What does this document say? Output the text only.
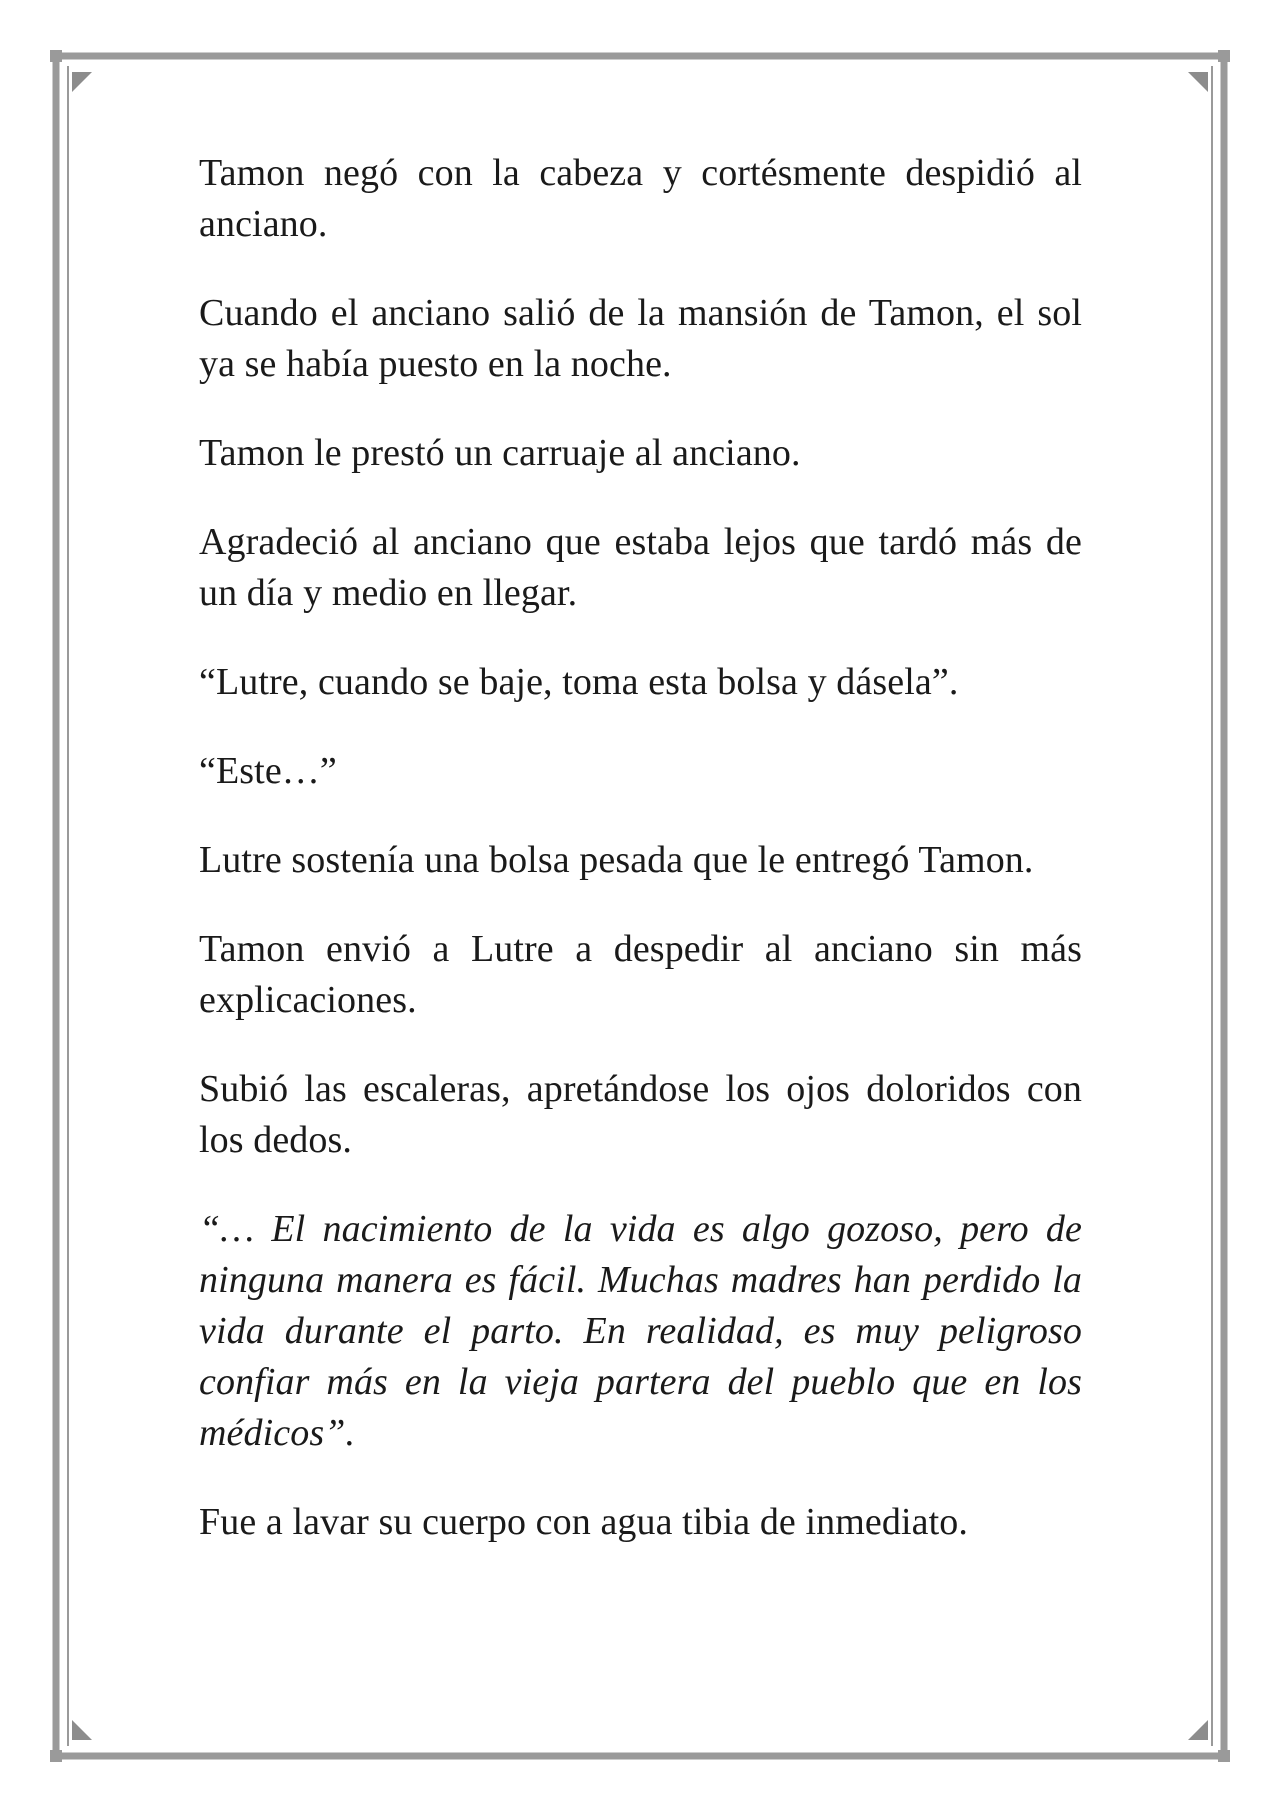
Tamon negó con la cabeza y cortésmente despidió al anciano.

Cuando el anciano salió de la mansión de Tamon, el sol ya se había puesto en la noche.

Tamon le prestó un carruaje al anciano.

Agradeció al anciano que estaba lejos que tardó más de un día y medio en llegar.

“Lutre, cuando se baje, toma esta bolsa y dásela”.

“Este…”

Lutre sostenía una bolsa pesada que le entregó Tamon.

Tamon envió a Lutre a despedir al anciano sin más explicaciones.

Subió las escaleras, apretándose los ojos doloridos con los dedos.

“… El nacimiento de la vida es algo gozoso, pero de ninguna manera es fácil. Muchas madres han perdido la vida durante el parto. En realidad, es muy peligroso confiar más en la vieja partera del pueblo que en los médicos”.

Fue a lavar su cuerpo con agua tibia de inmediato.
